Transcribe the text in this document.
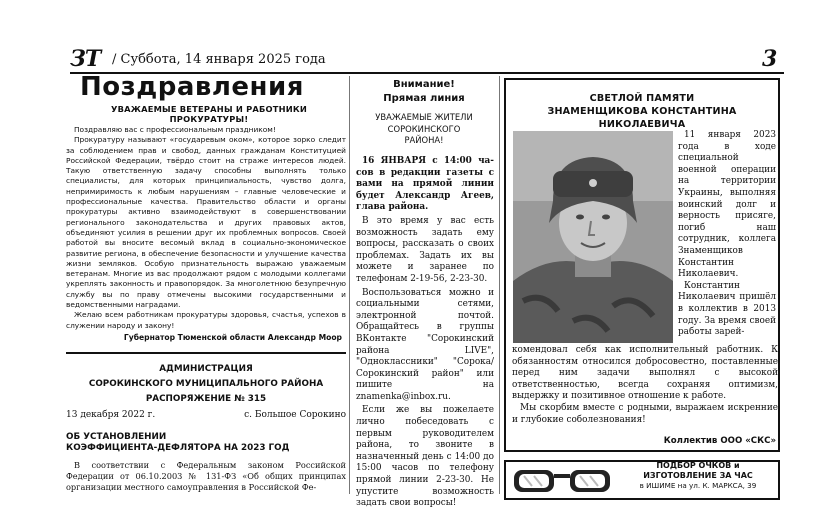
ЗТ / Суббота, 14 января 2025 года	3
Поздравления
УВАЖАЕМЫЕ ВЕТЕРАНЫ И РАБОТНИКИ ПРОКУРАТУРЫ!

Поздравляю вас с профессиональным праздником!

Прокуратуру называют «государевым оком», которое зорко следит за соблюдением прав и свобод, данных гражданам Конституцией Российской Федерации, твёрдо стоит на страже интересов людей. Такую ответственную задачу способны выполнять только специалисты, для которых принципиальность, чувство долга, непримиримость к любым нарушениям – главные человеческие и профессиональные качества. Правительство области и органы прокуратуры активно взаимодействуют в совершенствовании регионального законодательства и других правовых актов, объединяют усилия в решении друг их проблемных вопросов. Своей работой вы вносите весомый вклад в социально-экономическое развитие региона, в обеспечение безопасности и улучшение качества жизни земляков. Особую признательность выражаю уважаемым ветеранам. Многие из вас продолжают рядом с молодыми коллегами укреплять законность и правопорядок. За многолетнюю безупречную службу вы по праву отмечены высокими государственными и ведомственными наградами.

Желаю всем работникам прокуратуры здоровья, счастья, успехов в служении народу и закону!

Губернатор Тюменской области Александр Моор
АДМИНИСТРАЦИЯ
СОРОКИНСКОГО МУНИЦИПАЛЬНОГО РАЙОНА
РАСПОРЯЖЕНИЕ № 315
13 декабря 2022 г.	с. Большое Сорокино
ОБ УСТАНОВЛЕНИИ
КОЭФФИЦИЕНТА-ДЕФЛЯТОРА НА 2023 ГОД

В соответствии с Федеральным законом Российской Федерации от 06.10.2003 № 131-ФЗ «Об общих принципах организации местного самоуправления в Российской Фе-

Внимание!
Прямая линия
УВАЖАЕМЫЕ ЖИТЕЛИ
СОРОКИНСКОГО
РАЙОНА!

16 ЯНВАРЯ с 14:00 ча- сов в редакции газеты с вами на прямой линии будет Александр Агеев, глава района.

В это время у вас есть возможность задать ему вопросы, рассказать о своих проблемах. Задать их вы можете и заранее по телефонам 2-19-56, 2-23-30.

Воспользоваться можно и социальными сетями, электронной почтой. Обращайтесь в группы ВКонтакте "Сорокинский района LIVE", "Одноклассники" "Сорока/Сорокинский район" или пишите на znamenka@inbox.ru.

Если же вы пожелаете лично побеседовать с первым руководителем района, то звоните в назначенный день с 14:00 до 15:00 часов по телефону прямой линии 2-23-30. Не упустите возможность задать свои вопросы!

СВЕТЛОЙ ПАМЯТИ
ЗНАМЕНЩИКОВА КОНСТАНТИНА
НИКОЛАЕВИЧА

11 января 2023 года в ходе специальной военной операции на территории Украины, выполняя воинский долг и верность присяге, погиб наш сотрудник, коллега Знаменщиков Константин Николаевич.

Константин Николаевич пришёл в коллектив в 2013 году. За время своей работы зарей-

комендовал себя как исполнительный работник. К обязанностям относился добросовестно, поставленные перед ним задачи выполнял с высокой ответственностью, всегда сохраняя оптимизм, выдержку и позитивное отношение к работе.

Мы скорбим вместе с родными, выражаем искренние и глубокие соболезнования!

Коллектив ООО «СКС»
ПОДБОР ОЧКОВ и
ИЗГОТОВЛЕНИЕ ЗА ЧАС
в ИШИМЕ на ул. К. МАРКСА, 39
